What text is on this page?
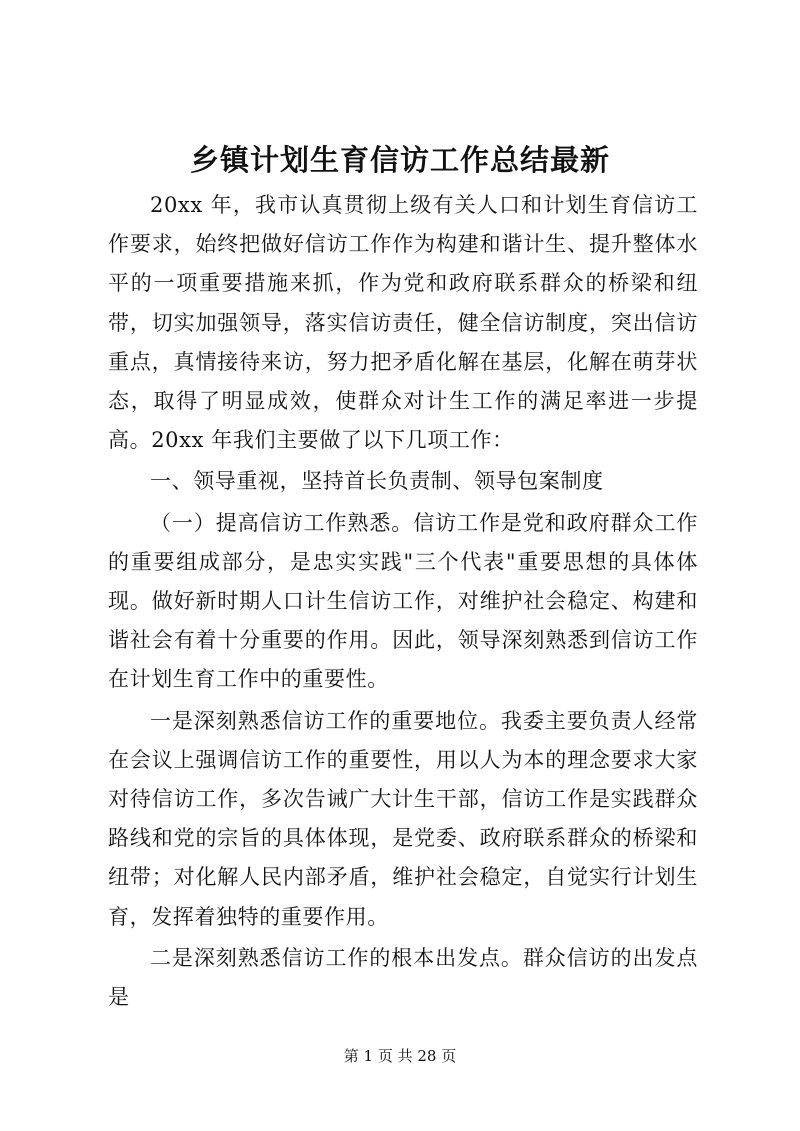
乡镇计划生育信访工作总结最新

20xx 年，我市认真贯彻上级有关人口和计划生育信访工作要求，始终把做好信访工作作为构建和谐计生、提升整体水平的一项重要措施来抓，作为党和政府联系群众的桥梁和纽带，切实加强领导，落实信访责任，健全信访制度，突出信访重点，真情接待来访，努力把矛盾化解在基层，化解在萌芽状态，取得了明显成效，使群众对计生工作的满足率进一步提高。20xx 年我们主要做了以下几项工作：

一、领导重视，坚持首长负责制、领导包案制度

（一）提高信访工作熟悉。信访工作是党和政府群众工作的重要组成部分，是忠实实践"三个代表"重要思想的具体体现。做好新时期人口计生信访工作，对维护社会稳定、构建和谐社会有着十分重要的作用。因此，领导深刻熟悉到信访工作在计划生育工作中的重要性。

一是深刻熟悉信访工作的重要地位。我委主要负责人经常在会议上强调信访工作的重要性，用以人为本的理念要求大家对待信访工作，多次告诫广大计生干部，信访工作是实践群众路线和党的宗旨的具体体现，是党委、政府联系群众的桥梁和纽带；对化解人民内部矛盾，维护社会稳定，自觉实行计划生育，发挥着独特的重要作用。

二是深刻熟悉信访工作的根本出发点。群众信访的出发点是

第 1 页 共 28 页
